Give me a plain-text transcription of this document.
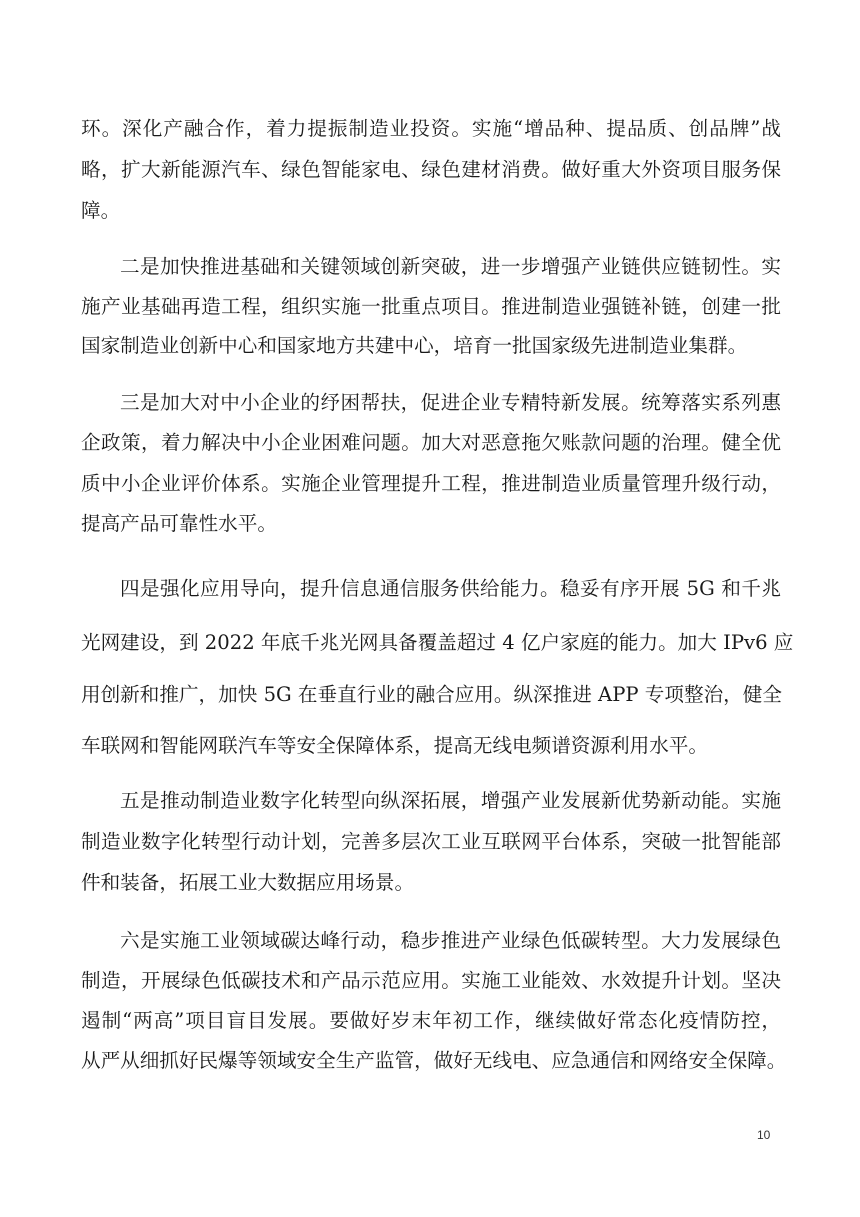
环。深化产融合作，着力提振制造业投资。实施“增品种、提品质、创品牌”战
略，扩大新能源汽车、绿色智能家电、绿色建材消费。做好重大外资项目服务保
障。
二是加快推进基础和关键领域创新突破，进一步增强产业链供应链韧性。实
施产业基础再造工程，组织实施一批重点项目。推进制造业强链补链，创建一批
国家制造业创新中心和国家地方共建中心，培育一批国家级先进制造业集群。
三是加大对中小企业的纾困帮扶，促进企业专精特新发展。统筹落实系列惠
企政策，着力解决中小企业困难问题。加大对恶意拖欠账款问题的治理。健全优
质中小企业评价体系。实施企业管理提升工程，推进制造业质量管理升级行动，
提高产品可靠性水平。
四是强化应用导向，提升信息通信服务供给能力。稳妥有序开展 5G 和千兆
光网建设，到 2022 年底千兆光网具备覆盖超过 4 亿户家庭的能力。加大 IPv6 应
用创新和推广，加快 5G 在垂直行业的融合应用。纵深推进 APP 专项整治，健全
车联网和智能网联汽车等安全保障体系，提高无线电频谱资源利用水平。
五是推动制造业数字化转型向纵深拓展，增强产业发展新优势新动能。实施
制造业数字化转型行动计划，完善多层次工业互联网平台体系，突破一批智能部
件和装备，拓展工业大数据应用场景。
六是实施工业领域碳达峰行动，稳步推进产业绿色低碳转型。大力发展绿色
制造，开展绿色低碳技术和产品示范应用。实施工业能效、水效提升计划。坚决
遏制“两高”项目盲目发展。要做好岁末年初工作，继续做好常态化疫情防控，
从严从细抓好民爆等领域安全生产监管，做好无线电、应急通信和网络安全保障。
10
